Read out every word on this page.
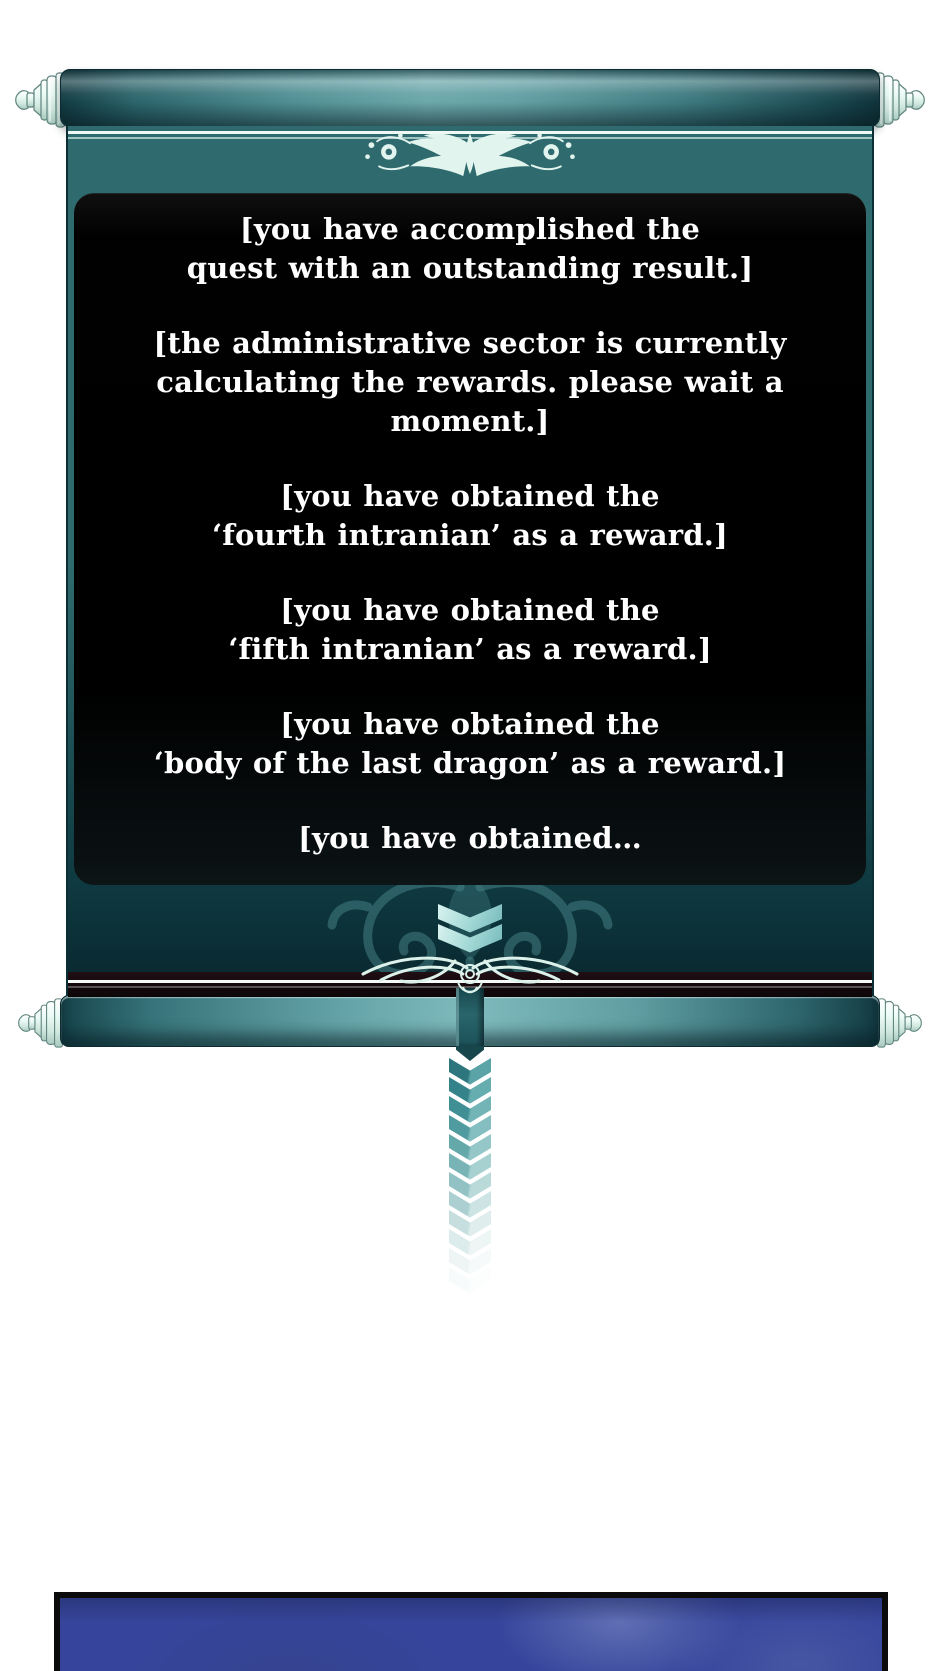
[you have accomplished the
quest with an outstanding result.]
[the administrative sector is currently
calculating the rewards. please wait a moment.]
[you have obtained the
‘fourth intranian’ as a reward.]
[you have obtained the
‘fifth intranian’ as a reward.]
[you have obtained the
‘body of the last dragon’ as a reward.]
[you have obtained…
